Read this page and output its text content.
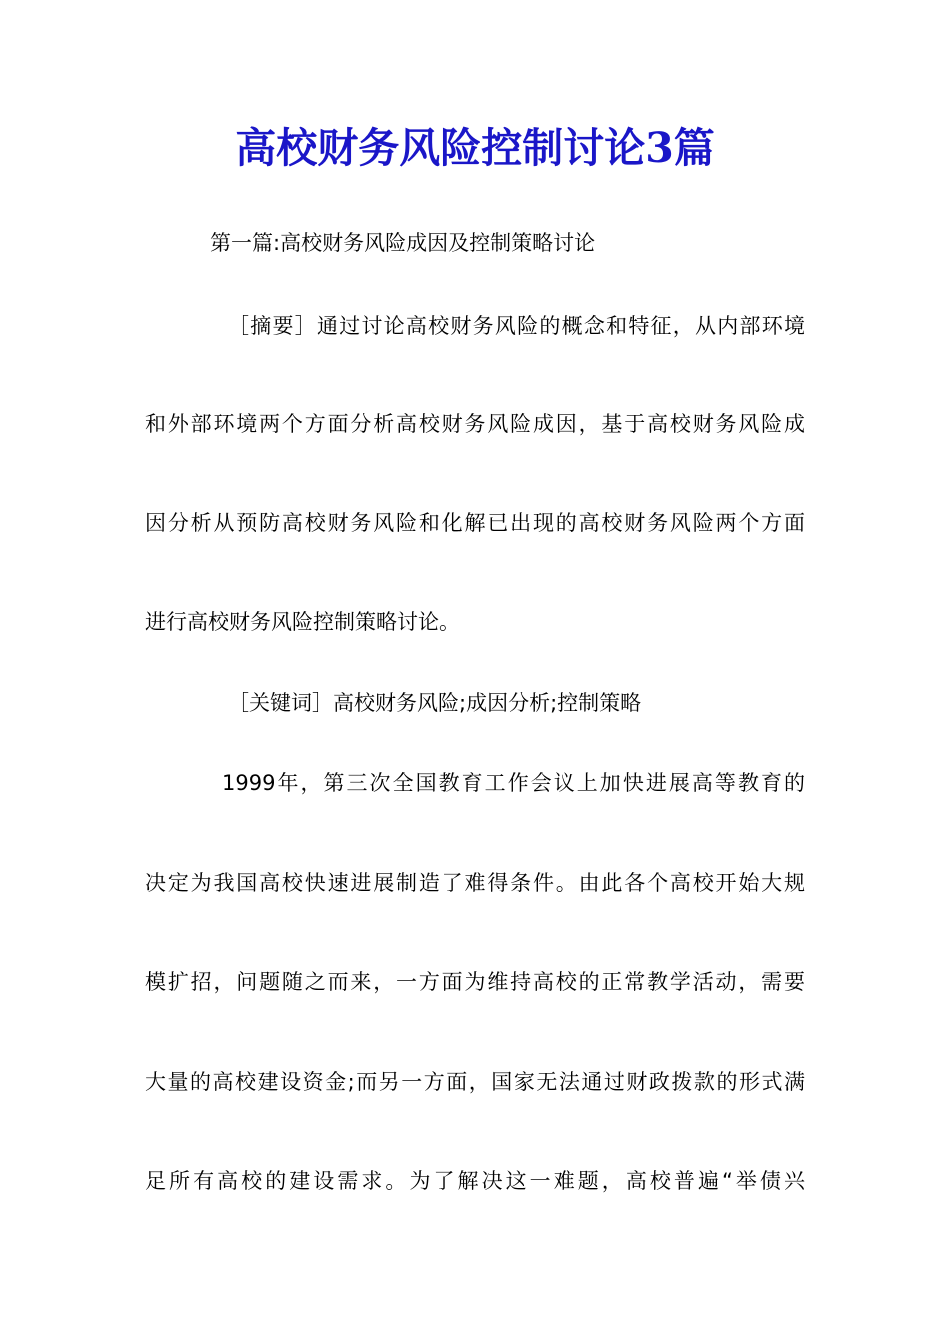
高校财务风险控制讨论3篇
第一篇:高校财务风险成因及控制策略讨论
［摘要］通过讨论高校财务风险的概念和特征，从内部环境
和外部环境两个方面分析高校财务风险成因，基于高校财务风险成
因分析从预防高校财务风险和化解已出现的高校财务风险两个方面
进行高校财务风险控制策略讨论。
［关键词］高校财务风险;成因分析;控制策略
1999年，第三次全国教育工作会议上加快进展高等教育的
决定为我国高校快速进展制造了难得条件。由此各个高校开始大规
模扩招，问题随之而来，一方面为维持高校的正常教学活动，需要
大量的高校建设资金;而另一方面，国家无法通过财政拨款的形式满
足所有高校的建设需求。为了解决这一难题，高校普遍“举债兴
